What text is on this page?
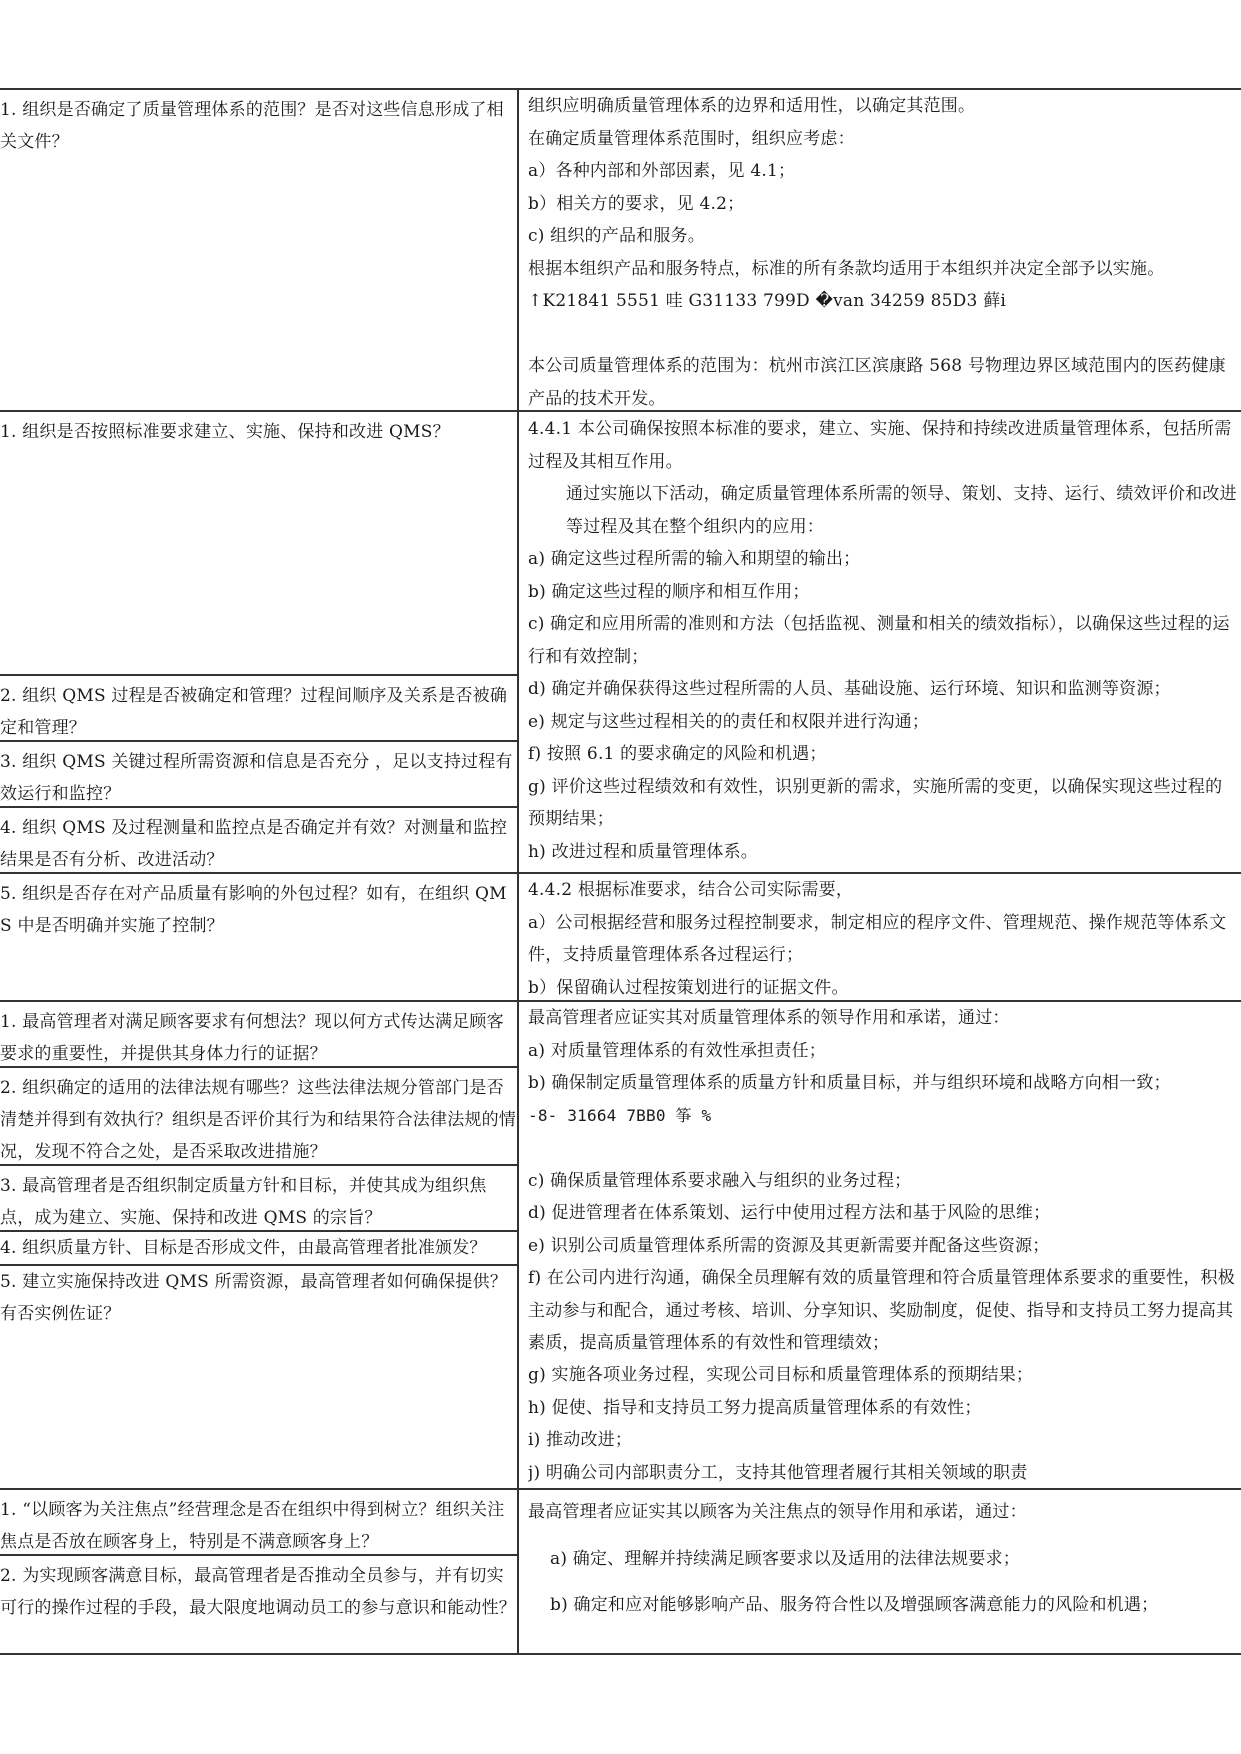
1. 组织是否确定了质量管理体系的范围？是否对这些信息形成了相关文件？

1. 组织是否按照标准要求建立、实施、保持和改进 QMS？

2. 组织 QMS 过程是否被确定和管理？过程间顺序及关系是否被确定和管理？

3. 组织 QMS 关键过程所需资源和信息是否充分 ，足以支持过程有效运行和监控？

4. 组织 QMS 及过程测量和监控点是否确定并有效？对测量和监控结果是否有分析、改进活动？

5. 组织是否存在对产品质量有影响的外包过程？如有，在组织 QMS 中是否明确并实施了控制？

1. 最高管理者对满足顾客要求有何想法？现以何方式传达满足顾客要求的重要性，并提供其身体力行的证据？

2. 组织确定的适用的法律法规有哪些？这些法律法规分管部门是否清楚并得到有效执行？组织是否评价其行为和结果符合法律法规的情况，发现不符合之处，是否采取改进措施？

3. 最高管理者是否组织制定质量方针和目标，并使其成为组织焦点，成为建立、实施、保持和改进 QMS 的宗旨？

4. 组织质量方针、目标是否形成文件，由最高管理者批准颁发？

5. 建立实施保持改进 QMS 所需资源，最高管理者如何确保提供？有否实例佐证？

1. “以顾客为关注焦点”经营理念是否在组织中得到树立？组织关注焦点是否放在顾客身上，特别是不满意顾客身上？

2. 为实现顾客满意目标，最高管理者是否推动全员参与，并有切实可行的操作过程的手段，最大限度地调动员工的参与意识和能动性？

组织应明确质量管理体系的边界和适用性，以确定其范围。
在确定质量管理体系范围时，组织应考虑：
a）各种内部和外部因素，见 4.1；
b）相关方的要求，见 4.2；
c) 组织的产品和服务。
根据本组织产品和服务特点，标准的所有条款均适用于本组织并决定全部予以实施。
↑K21841 5551 哇 G31133 799D �van 34259 85D3 藓i
本公司质量管理体系的范围为：杭州市滨江区滨康路 568 号物理边界区域范围内的医药健康产品的技术开发。
4.4.1 本公司确保按照本标准的要求，建立、实施、保持和持续改进质量管理体系，包括所需过程及其相互作用。
通过实施以下活动，确定质量管理体系所需的领导、策划、支持、运行、绩效评价和改进等过程及其在整个组织内的应用：
a) 确定这些过程所需的输入和期望的输出；
b) 确定这些过程的顺序和相互作用；
c) 确定和应用所需的准则和方法（包括监视、测量和相关的绩效指标），以确保这些过程的运行和有效控制；
d) 确定并确保获得这些过程所需的人员、基础设施、运行环境、知识和监测等资源；
e) 规定与这些过程相关的的责任和权限并进行沟通；
f) 按照 6.1 的要求确定的风险和机遇；
g) 评价这些过程绩效和有效性，识别更新的需求，实施所需的变更，以确保实现这些过程的预期结果；
h) 改进过程和质量管理体系。
4.4.2 根据标准要求，结合公司实际需要，
a）公司根据经营和服务过程控制要求，制定相应的程序文件、管理规范、操作规范等体系文件，支持质量管理体系各过程运行；
b）保留确认过程按策划进行的证据文件。
最高管理者应证实其对质量管理体系的领导作用和承诺，通过：
a) 对质量管理体系的有效性承担责任；
b) 确保制定质量管理体系的质量方针和质量目标，并与组织环境和战略方向相一致；
-8- 31664 7BB0 筝 %
c) 确保质量管理体系要求融入与组织的业务过程；
d) 促进管理者在体系策划、运行中使用过程方法和基于风险的思维；
e) 识别公司质量管理体系所需的资源及其更新需要并配备这些资源；
f) 在公司内进行沟通，确保全员理解有效的质量管理和符合质量管理体系要求的重要性，积极主动参与和配合，通过考核、培训、分享知识、奖励制度，促使、指导和支持员工努力提高其素质，提高质量管理体系的有效性和管理绩效；
g) 实施各项业务过程，实现公司目标和质量管理体系的预期结果；
h) 促使、指导和支持员工努力提高质量管理体系的有效性；
i) 推动改进；
j) 明确公司内部职责分工，支持其他管理者履行其相关领域的职责
最高管理者应证实其以顾客为关注焦点的领导作用和承诺，通过：
a) 确定、理解并持续满足顾客要求以及适用的法律法规要求；
b) 确定和应对能够影响产品、服务符合性以及增强顾客满意能力的风险和机遇；
